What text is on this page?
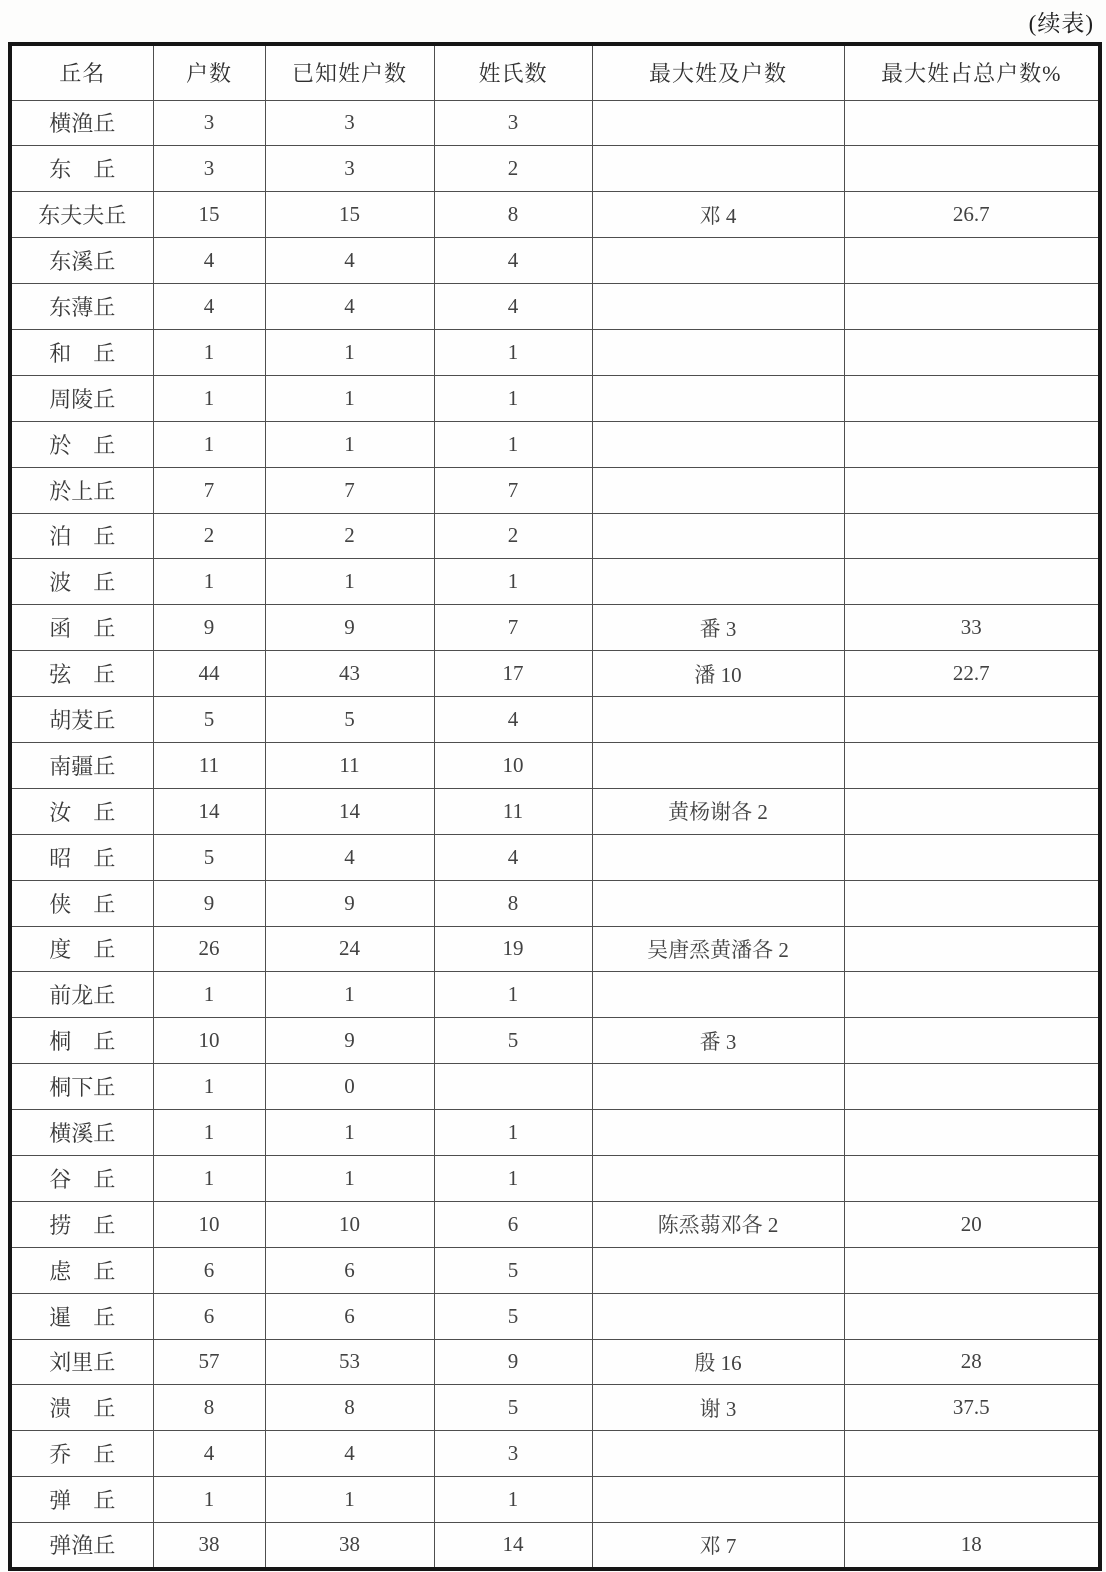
(续表)
丘名	户数	已知姓户数	姓氏数	最大姓及户数	最大姓占总户数%
横渔丘	3	3	3		
东　丘	3	3	2		
东夫夫丘	15	15	8	邓 4	26.7
东溪丘	4	4	4		
东薄丘	4	4	4		
和　丘	1	1	1		
周陵丘	1	1	1		
於　丘	1	1	1		
於上丘	7	7	7		
泊　丘	2	2	2		
波　丘	1	1	1		
函　丘	9	9	7	番 3	33
弦　丘	44	43	17	潘 10	22.7
胡茇丘	5	5	4		
南疆丘	11	11	10		
汝　丘	14	14	11	黄杨谢各 2	
昭　丘	5	4	4		
侠　丘	9	9	8		
度　丘	26	24	19	吴唐烝黄潘各 2	
前龙丘	1	1	1		
桐　丘	10	9	5	番 3	
桐下丘	1	0			
横溪丘	1	1	1		
谷　丘	1	1	1		
捞　丘	10	10	6	陈烝蒻邓各 2	20
虑　丘	6	6	5		
暹　丘	6	6	5		
刘里丘	57	53	9	殷 16	28
溃　丘	8	8	5	谢 3	37.5
乔　丘	4	4	3		
弹　丘	1	1	1		
弹渔丘	38	38	14	邓 7	18
